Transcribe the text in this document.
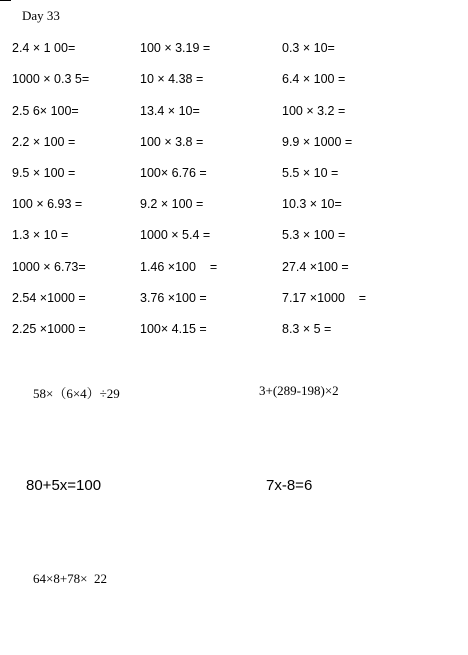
Day 33
2.4 × 1 00=	100 × 3.19 =	0.3 × 10=
1000 × 0.3 5=	10 × 4.38 =	6.4 × 100 =
2.5 6× 100=	13.4 × 10=	100 × 3.2 =
2.2 × 100 =	100 × 3.8 =	9.9 × 1000 =
9.5 × 100 =	100× 6.76 =	5.5 × 10 =
100 × 6.93 =	9.2 × 100 =	10.3 × 10=
1.3 × 10 =	1000 × 5.4 =	5.3 × 100 =
1000 × 6.73=	1.46 ×100    =	27.4 ×100 =
2.54 ×1000 =	3.76 ×100 =	7.17 ×1000    =
2.25 ×1000 =	100× 4.15 =	8.3 × 5 =
58×（6×4）÷29	3+(289-198)×2
80+5x=100	7x-8=6
64×8+78×  22
